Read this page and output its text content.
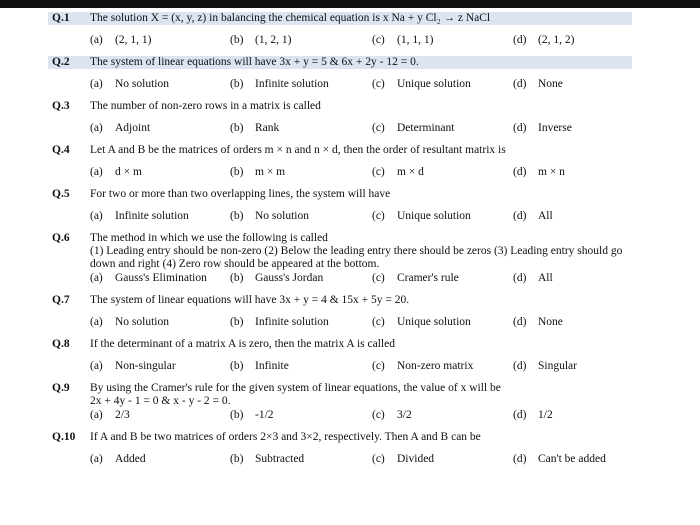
Q.1	The solution X = (x, y, z) in balancing the chemical equation is x Na + y Cl₂ → z NaCl
(a)	(2, 1, 1)	(b)	(1, 2, 1)	(c)	(1, 1, 1)	(d)	(2, 1, 2)
Q.2	The system of linear equations will have 3x + y = 5 & 6x + 2y - 12 = 0.
(a)	No solution	(b)	Infinite solution	(c)	Unique solution	(d)	None
Q.3	The number of non-zero rows in a matrix is called
(a)	Adjoint	(b)	Rank	(c)	Determinant	(d)	Inverse
Q.4	Let A and B be the matrices of orders m × n and n × d, then the order of resultant matrix is
(a)	d × m	(b)	m × m	(c)	m × d	(d)	m × n
Q.5	For two or more than two overlapping lines, the system will have
(a)	Infinite solution	(b)	No solution	(c)	Unique solution	(d)	All
Q.6	The method in which we use the following is called
(1) Leading entry should be non-zero (2) Below the leading entry there should be zeros (3) Leading entry should go
down and right (4) Zero row should be appeared at the bottom.
(a)	Gauss's Elimination (b)	Gauss's Jordan	(c)	Cramer's rule	(d)	All
Q.7	The system of linear equations will have 3x + y = 4 & 15x + 5y = 20.
(a)	No solution	(b)	Infinite solution	(c)	Unique solution	(d)	None
Q.8	If the determinant of a matrix A is zero, then the matrix A is called
(a)	Non-singular	(b)	Infinite	(c)	Non-zero matrix	(d)	Singular
Q.9	By using the Cramer's rule for the given system of linear equations, the value of x will be
2x + 4y - 1 = 0 & x - y - 2 = 0.
(a)	2/3	(b)	-1/2	(c)	3/2	(d)	1/2
Q.10	If A and B be two matrices of orders 2×3 and 3×2, respectively. Then A and B can be
(a)	Added	(b)	Subtracted	(c)	Divided	(d)	Can't be added
